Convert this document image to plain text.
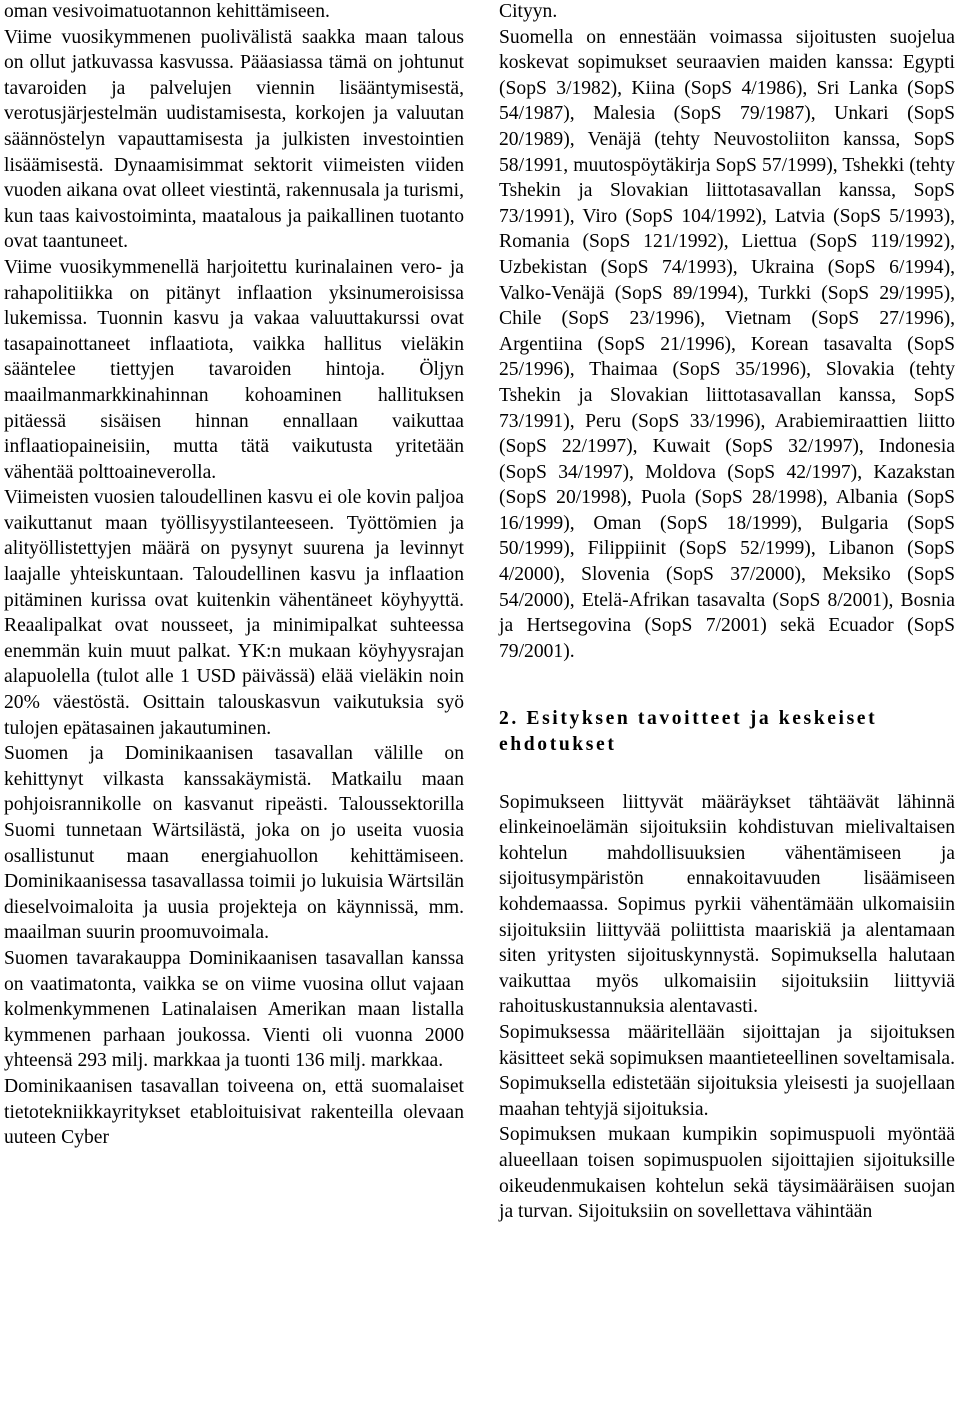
oman vesivoimatuotannon kehittämiseen.

Viime vuosikymmenen puolivälistä saakka maan talous on ollut jatkuvassa kasvussa. Pääasiassa tämä on johtunut tavaroiden ja palvelujen viennin lisääntymisestä, verotusjärjestelmän uudistamisesta, korkojen ja valuutan säännöstelyn vapauttamisesta ja julkisten investointien lisäämisestä. Dynaamisimmat sektorit viimeisten viiden vuoden aikana ovat olleet viestintä, rakennusala ja turismi, kun taas kaivostoiminta, maatalous ja paikallinen tuotanto ovat taantuneet.

Viime vuosikymmenellä harjoitettu kurinalainen vero- ja rahapolitiikka on pitänyt inflaation yksinumeroisissa lukemissa. Tuonnin kasvu ja vakaa valuuttakurssi ovat tasapainottaneet inflaatiota, vaikka hallitus vieläkin sääntelee tiettyjen tavaroiden hintoja. Öljyn maailmanmarkkinahinnan kohoaminen hallituksen pitäessä sisäisen hinnan ennallaan vaikuttaa inflaatiopaineisiin, mutta tätä vaikutusta yritetään vähentää polttoaineverolla.

Viimeisten vuosien taloudellinen kasvu ei ole kovin paljoa vaikuttanut maan työllisyystilanteeseen. Työttömien ja alityöllistettyjen määrä on pysynyt suurena ja levinnyt laajalle yhteiskuntaan. Taloudellinen kasvu ja inflaation pitäminen kurissa ovat kuitenkin vähentäneet köyhyyttä. Reaalipalkat ovat nousseet, ja minimipalkat suhteessa enemmän kuin muut palkat. YK:n mukaan köyhyysrajan alapuolella (tulot alle 1 USD päivässä) elää vieläkin noin 20% väestöstä. Osittain talouskasvun vaikutuksia syö tulojen epätasainen jakautuminen.

Suomen ja Dominikaanisen tasavallan välille on kehittynyt vilkasta kanssakäymistä. Matkailu maan pohjoisrannikolle on kasvanut ripeästi. Taloussektorilla Suomi tunnetaan Wärtsilästä, joka on jo useita vuosia osallistunut maan energiahuollon kehittämiseen. Dominikaanisessa tasavallassa toimii jo lukuisia Wärtsilän dieselvoimaloita ja uusia projekteja on käynnissä, mm. maailman suurin proomuvoimala.

Suomen tavarakauppa Dominikaanisen tasavallan kanssa on vaatimatonta, vaikka se on viime vuosina ollut vajaan kolmenkymmenen Latinalaisen Amerikan maan listalla kymmenen parhaan joukossa. Vienti oli vuonna 2000 yhteensä 293 milj. markkaa ja tuonti 136 milj. markkaa.

Dominikaanisen tasavallan toiveena on, että suomalaiset tietotekniikkayritykset etabloituisivat rakenteilla olevaan uuteen Cyber

Cityyn.

Suomella on ennestään voimassa sijoitusten suojelua koskevat sopimukset seuraavien maiden kanssa: Egypti (SopS 3/1982), Kiina (SopS 4/1986), Sri Lanka (SopS 54/1987), Malesia (SopS 79/1987), Unkari (SopS 20/1989), Venäjä (tehty Neuvostoliiton kanssa, SopS 58/1991, muutospöytäkirja SopS 57/1999), Tshekki (tehty Tshekin ja Slovakian liittotasavallan kanssa, SopS 73/1991), Viro (SopS 104/1992), Latvia (SopS 5/1993), Romania (SopS 121/1992), Liettua (SopS 119/1992), Uzbekistan (SopS 74/1993), Ukraina (SopS 6/1994), Valko-Venäjä (SopS 89/1994), Turkki (SopS 29/1995), Chile (SopS 23/1996), Vietnam (SopS 27/1996), Argentiina (SopS 21/1996), Korean tasavalta (SopS 25/1996), Thaimaa (SopS 35/1996), Slovakia (tehty Tshekin ja Slovakian liittotasavallan kanssa, SopS 73/1991), Peru (SopS 33/1996), Arabiemiraattien liitto (SopS 22/1997), Kuwait (SopS 32/1997), Indonesia (SopS 34/1997), Moldova (SopS 42/1997), Kazakstan (SopS 20/1998), Puola (SopS 28/1998), Albania (SopS 16/1999), Oman (SopS 18/1999), Bulgaria (SopS 50/1999), Filippiinit (SopS 52/1999), Libanon (SopS 4/2000), Slovenia (SopS 37/2000), Meksiko (SopS 54/2000), Etelä-Afrikan tasavalta (SopS 8/2001), Bosnia ja Hertsegovina (SopS 7/2001) sekä Ecuador (SopS 79/2001).

2. Esityksen tavoitteet ja keskeiset ehdotukset

Sopimukseen liittyvät määräykset tähtäävät lähinnä elinkeinoelämän sijoituksiin kohdistuvan mielivaltaisen kohtelun mahdollisuuksien vähentämiseen ja sijoitusympäristön ennakoitavuuden lisäämiseen kohdemaassa. Sopimus pyrkii vähentämään ulkomaisiin sijoituksiin liittyvää poliittista maariskiä ja alentamaan siten yritysten sijoituskynnystä. Sopimuksella halutaan vaikuttaa myös ulkomaisiin sijoituksiin liittyviä rahoituskustannuksia alentavasti.

Sopimuksessa määritellään sijoittajan ja sijoituksen käsitteet sekä sopimuksen maantieteellinen soveltamisala. Sopimuksella edistetään sijoituksia yleisesti ja suojellaan maahan tehtyjä sijoituksia.

Sopimuksen mukaan kumpikin sopimuspuoli myöntää alueellaan toisen sopimuspuolen sijoittajien sijoituksille oikeudenmukaisen kohtelun sekä täysimääräisen suojan ja turvan. Sijoituksiin on sovellettava vähintään
